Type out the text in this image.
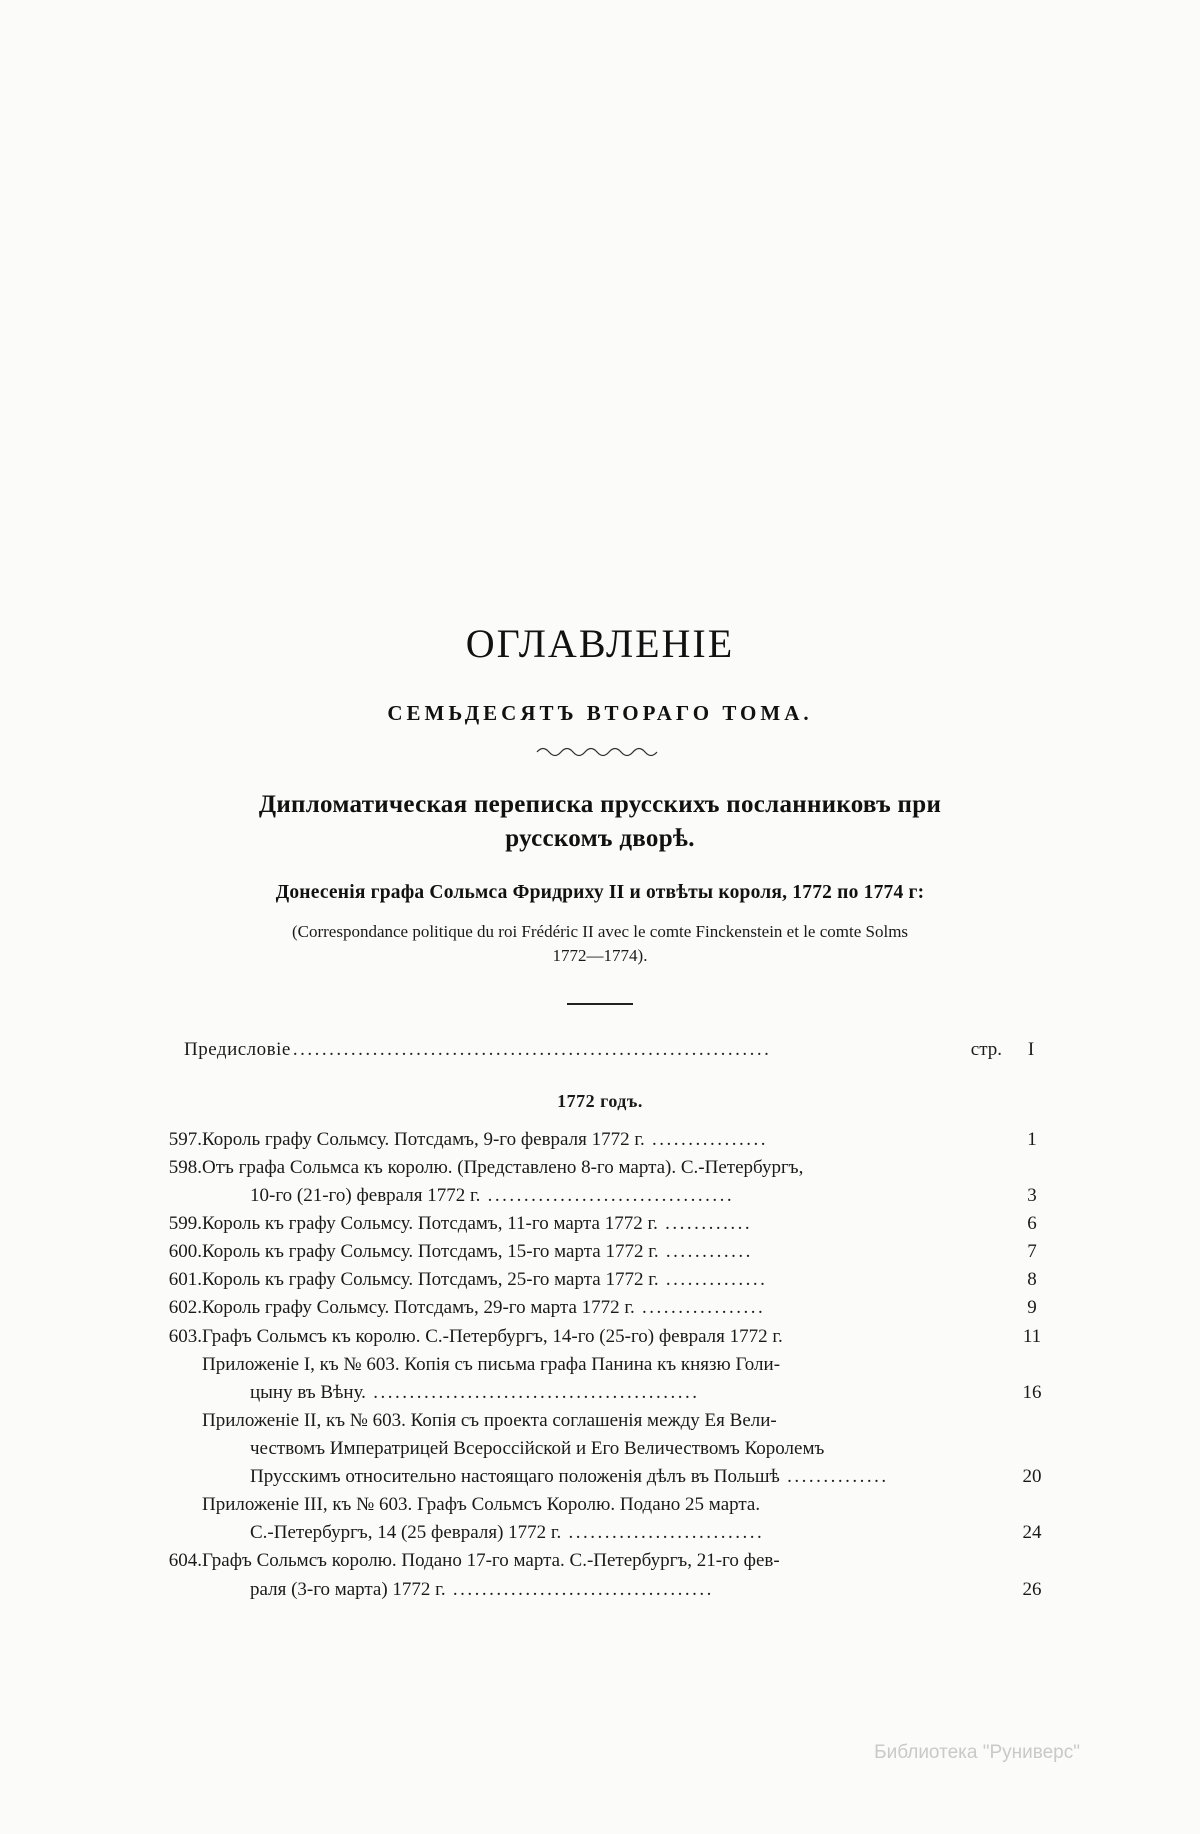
ОГЛАВЛЕНІЕ
СЕМЬДЕСЯТЪ ВТОРАГО ТОМА.
Дипломатическая переписка прусскихъ посланниковъ при
русскомъ дворѣ.
Донесенія графа Сольмса Фридриху II и отвѣты короля, 1772 по 1774 г:
(Correspondance politique du roi Frédéric II avec le comte Finckenstein et le comte Solms
1772—1774).
Предисловіе ..................................................................	стр.	I
1772 годъ.
597.	Король графу Сольмсу. Потсдамъ, 9-го февраля 1772 г. ................	1
598.	Отъ графа Сольмса къ королю. (Представлено 8-го марта). С.-Петербургъ,
10-го (21-го) февраля 1772 г. ..................................	3
599.	Король къ графу Сольмсу. Потсдамъ, 11-го марта 1772 г. ............	6
600.	Король къ графу Сольмсу. Потсдамъ, 15-го марта 1772 г. ............	7
601.	Король къ графу Сольмсу. Потсдамъ, 25-го марта 1772 г. ..............	8
602.	Король графу Сольмсу. Потсдамъ, 29-го марта 1772 г. .................	9
603.	Графъ Сольмсъ къ королю. С.-Петербургъ, 14-го (25-го) февраля 1772 г.	11
	Приложеніе I, къ № 603. Копія съ письма графа Панина къ князю Голи-
цыну въ Вѣну. .............................................	16
	Приложеніе II, къ № 603. Копія съ проекта соглашенія между Ея Вели-
чествомъ Императрицей Всероссійской и Его Величествомъ Королемъ
Прусскимъ относительно настоящаго положенія дѣлъ въ Польшѣ ..............	20
	Приложеніе III, къ № 603. Графъ Сольмсъ Королю. Подано 25 марта.
С.-Петербургъ, 14 (25 февраля) 1772 г. ...........................	24
604.	Графъ Сольмсъ королю. Подано 17-го марта. С.-Петербургъ, 21-го фев-
раля (3-го марта) 1772 г. ....................................	26
Библиотека "Руниверс"
